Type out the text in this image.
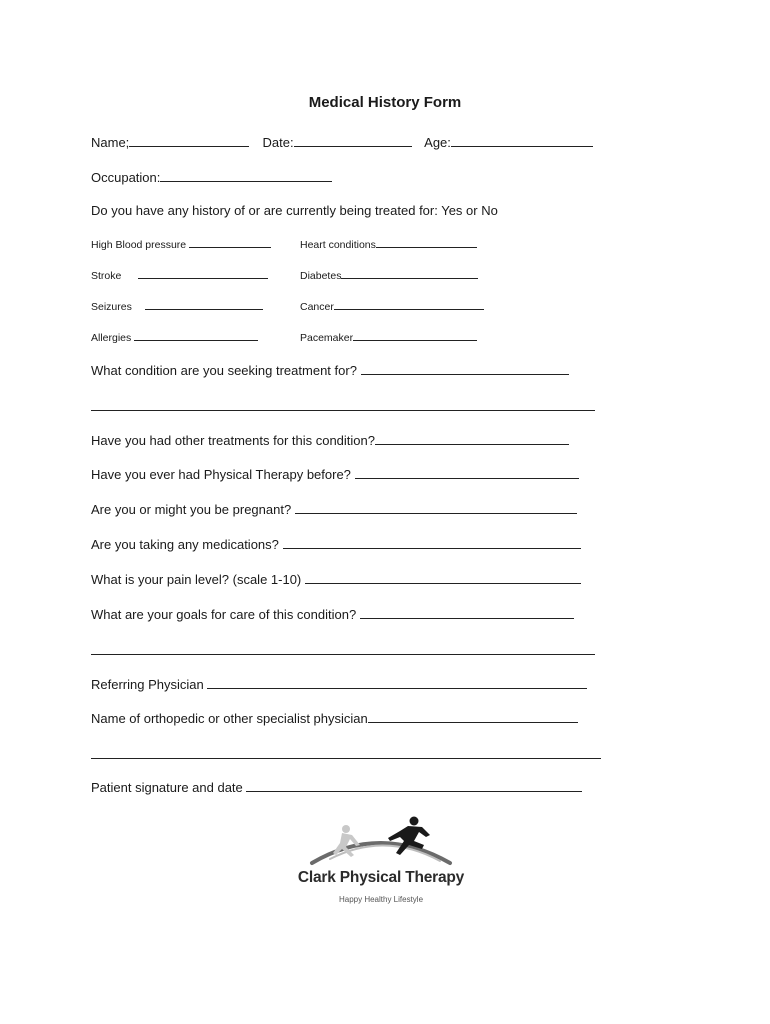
Medical History Form
Name;	Date:	Age:
Occupation:
Do you have any history of or are currently being treated for: Yes or No
High Blood pressure	Heart conditions
Stroke	Diabetes
Seizures	Cancer
Allergies	Pacemaker
What condition are you seeking treatment for?
Have you had other treatments for this condition?
Have you ever had Physical Therapy before?
Are you or might you be pregnant?
Are you taking any medications?
What is your pain level? (scale 1-10)
What are your goals for care of this condition?
Referring Physician
Name of orthopedic or other specialist physician
Patient signature and date
Clark Physical Therapy
Happy Healthy Lifestyle
